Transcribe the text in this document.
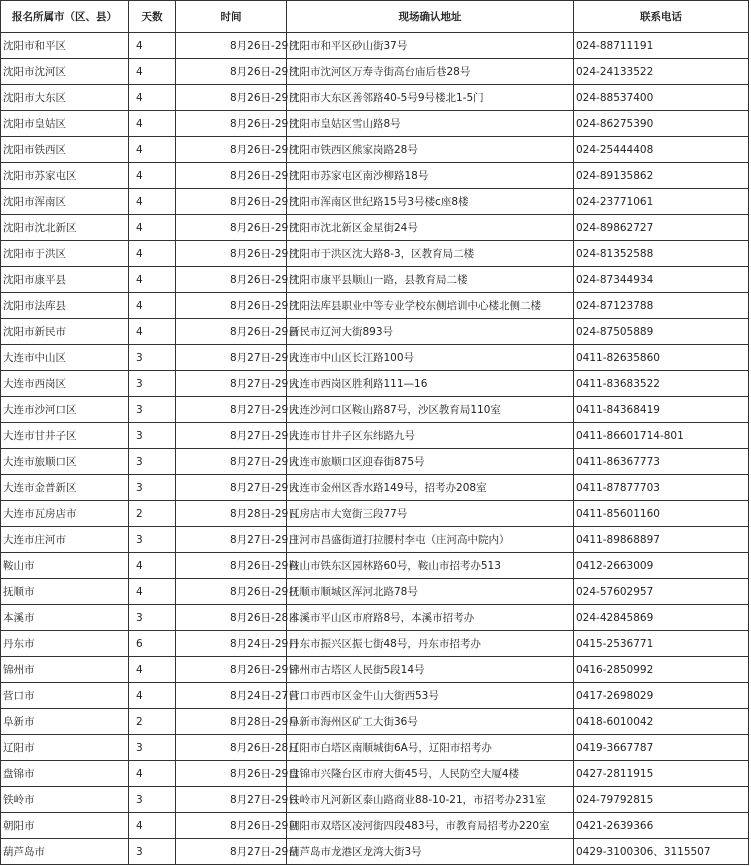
报名所属市（区、县）	天数	时间	现场确认地址	联系电话
沈阳市和平区	4	8月26日-29日	沈阳市和平区砂山街37号	024-88711191
沈阳市沈河区	4	8月26日-29日	沈阳市沈河区万寿寺街高台庙后巷28号	024-24133522
沈阳市大东区	4	8月26日-29日	沈阳市大东区善邻路40-5号9号楼北1-5门	024-88537400
沈阳市皇姑区	4	8月26日-29日	沈阳市皇姑区雪山路8号	024-86275390
沈阳市铁西区	4	8月26日-29日	沈阳市铁西区熊家岗路28号	024-25444408
沈阳市苏家屯区	4	8月26日-29日	沈阳市苏家屯区南沙柳路18号	024-89135862
沈阳市浑南区	4	8月26日-29日	沈阳市浑南区世纪路15号3号楼c座8楼	024-23771061
沈阳市沈北新区	4	8月26日-29日	沈阳市沈北新区金星街24号	024-89862727
沈阳市于洪区	4	8月26日-29日	沈阳市于洪区沈大路8-3，区教育局二楼	024-81352588
沈阳市康平县	4	8月26日-29日	沈阳市康平县顺山一路，县教育局二楼	024-87344934
沈阳市法库县	4	8月26日-29日	沈阳法库县职业中等专业学校东侧培训中心楼北侧二楼	024-87123788
沈阳市新民市	4	8月26日-29日	新民市辽河大街893号	024-87505889
大连市中山区	3	8月27日-29日	大连市中山区长江路100号	0411-82635860
大连市西岗区	3	8月27日-29日	大连市西岗区胜利路111—16	0411-83683522
大连市沙河口区	3	8月27日-29日	大连沙河口区鞍山路87号，沙区教育局110室	0411-84368419
大连市甘井子区	3	8月27日-29日	大连市甘井子区东纬路九号	0411-86601714-801
大连市旅顺口区	3	8月27日-29日	大连市旅顺口区迎春街875号	0411-86367773
大连市金普新区	3	8月27日-29日	大连市金州区香水路149号，招考办208室	0411-87877703
大连市瓦房店市	2	8月28日-29日	瓦房店市大宽街三段77号	0411-85601160
大连市庄河市	3	8月27日-29日	庄河市昌盛街道打拉腰村李屯（庄河高中院内）	0411-89868897
鞍山市	4	8月26日-29日	鞍山市铁东区园林路60号，鞍山市招考办513	0412-2663009
抚顺市	4	8月26日-29日	抚顺市顺城区浑河北路78号	024-57602957
本溪市	3	8月26日-28日	本溪市平山区市府路8号，本溪市招考办	024-42845869
丹东市	6	8月24日-29日	丹东市振兴区振七街48号，丹东市招考办	0415-2536771
锦州市	4	8月26日-29日	锦州市古塔区人民街5段14号	0416-2850992
营口市	4	8月24日-27日	营口市西市区金牛山大街西53号	0417-2698029
阜新市	2	8月28日-29日	阜新市海州区矿工大街36号	0418-6010042
辽阳市	3	8月26日-28日	辽阳市白塔区南顺城街6A号，辽阳市招考办	0419-3667787
盘锦市	4	8月26日-29日	盘锦市兴隆台区市府大街45号，人民防空大厦4楼	0427-2811915
铁岭市	3	8月27日-29日	铁岭市凡河新区泰山路商业88-10-21，市招考办231室	024-79792815
朝阳市	4	8月26日-29日	朝阳市双塔区凌河街四段483号，市教育局招考办220室	0421-2639366
葫芦岛市	3	8月27日-29日	葫芦岛市龙港区龙湾大街3号	0429-3100306、3115507
